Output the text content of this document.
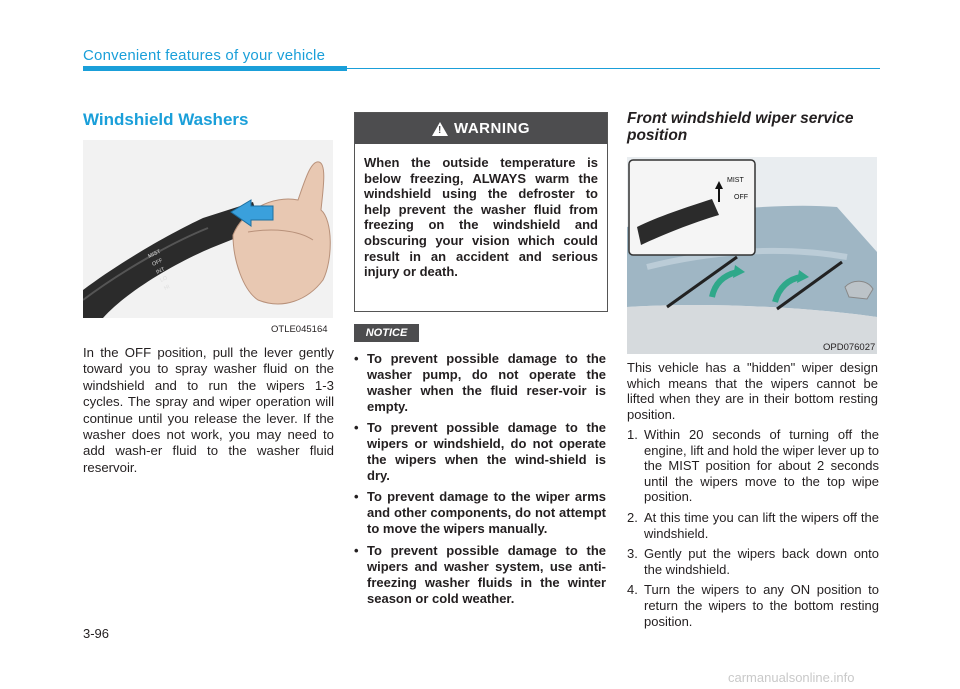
Convenient features of your vehicle
Windshield Washers
MIST
OFF
INT
LO
HI
OTLE045164
In the OFF position, pull the lever gently toward you to spray washer fluid on the windshield and to run the wipers 1-3 cycles. The spray and wiper operation will continue until you release the lever. If the washer does not work, you may need to add wash-er fluid to the washer fluid reservoir.
! WARNING
When the outside temperature is below freezing, ALWAYS warm the windshield using the defroster to help prevent the washer fluid from freezing on the windshield and obscuring your vision which could result in an accident and serious injury or death.
NOTICE
• To prevent possible damage to the washer pump, do not operate the washer when the fluid reser-voir is empty.
• To prevent possible damage to the wipers or windshield, do not operate the wipers when the wind-shield is dry.
• To prevent damage to the wiper arms and other components, do not attempt to move the wipers manually.
• To prevent possible damage to the wipers and washer system, use anti-freezing washer fluids in the winter season or cold weather.
Front windshield wiper service position
MIST
OFF
OPD076027
This vehicle has a "hidden" wiper design which means that the wipers cannot be lifted when they are in their bottom resting position.
1. Within 20 seconds of turning off the engine, lift and hold the wiper lever up to the MIST position for about 2 seconds until the wipers move to the top wipe position.
2. At this time you can lift the wipers off the windshield.
3. Gently put the wipers back down onto the windshield.
4. Turn the wipers to any ON position to return the wipers to the bottom resting position.
3-96
carmanualsonline.info
